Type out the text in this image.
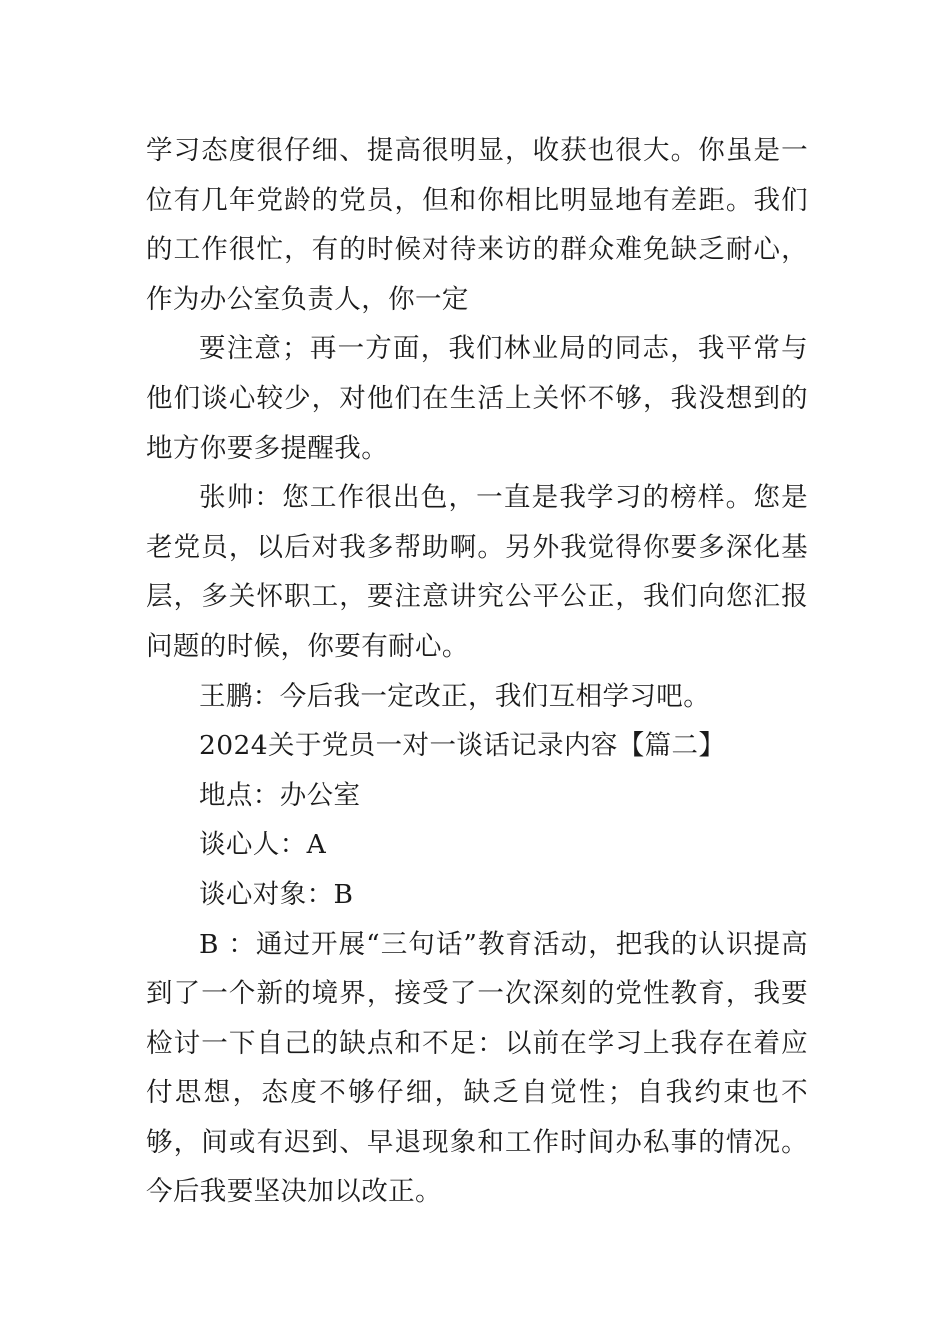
学习态度很仔细、提高很明显，收获也很大。你虽是一位有几年党龄的党员，但和你相比明显地有差距。我们的工作很忙，有的时候对待来访的群众难免缺乏耐心，作为办公室负责人，你一定

要注意；再一方面，我们林业局的同志，我平常与他们谈心较少，对他们在生活上关怀不够，我没想到的地方你要多提醒我。

张帅：您工作很出色，一直是我学习的榜样。您是老党员，以后对我多帮助啊。另外我觉得你要多深化基层，多关怀职工，要注意讲究公平公正，我们向您汇报问题的时候，你要有耐心。

王鹏：今后我一定改正，我们互相学习吧。

2024关于党员一对一谈话记录内容【篇二】

地点：办公室

谈心人：A

谈心对象：B

B ：通过开展“三句话”教育活动，把我的认识提高到了一个新的境界，接受了一次深刻的党性教育，我要检讨一下自己的缺点和不足：以前在学习上我存在着应付思想，态度不够仔细，缺乏自觉性；自我约束也不够，间或有迟到、早退现象和工作时间办私事的情况。今后我要坚决加以改正。
